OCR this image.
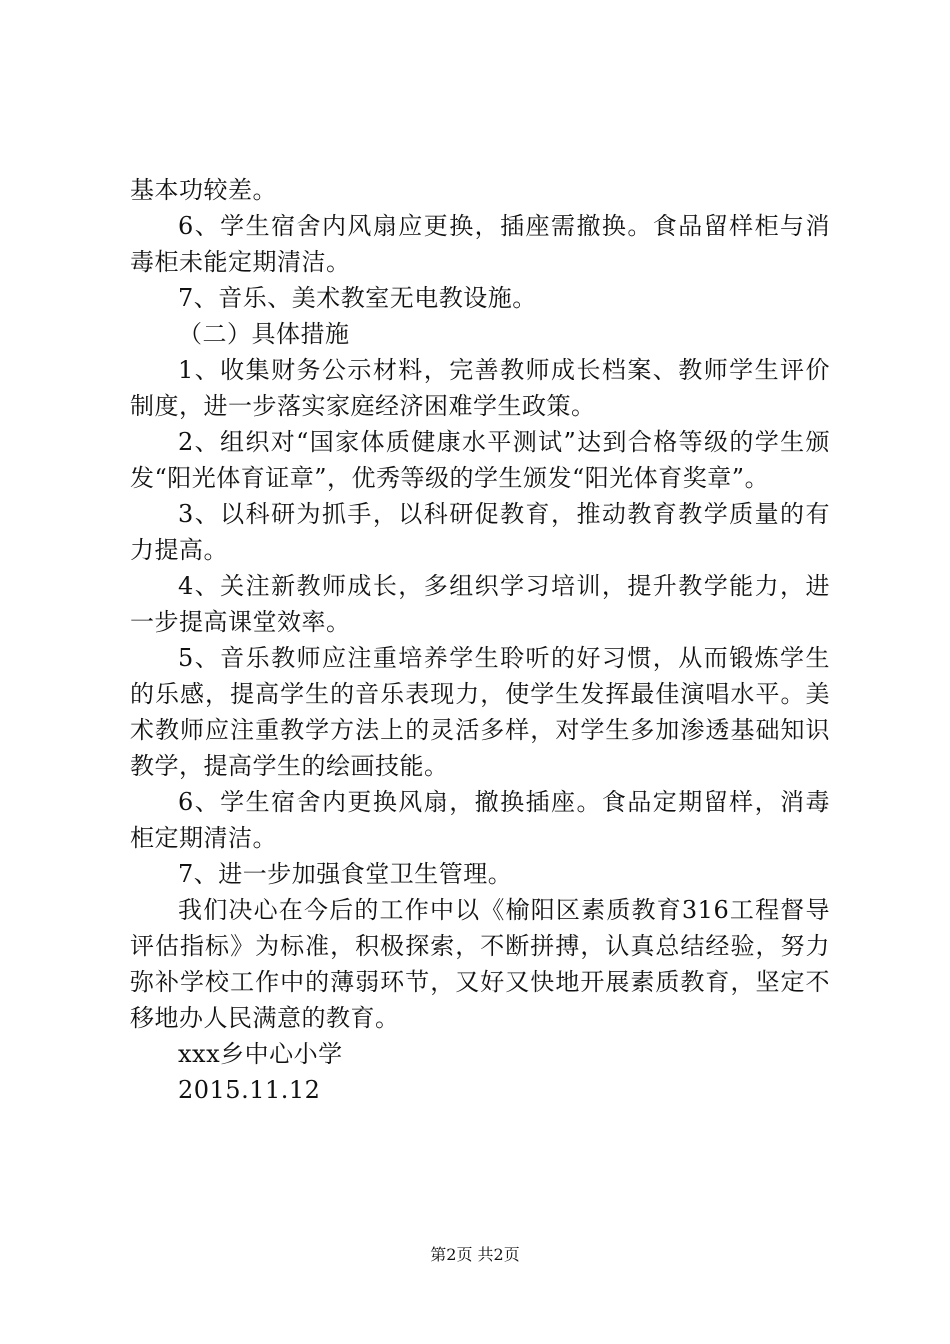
基本功较差。

6、学生宿舍内风扇应更换，插座需撤换。食品留样柜与消毒柜未能定期清洁。

7、音乐、美术教室无电教设施。

（二）具体措施

1、收集财务公示材料，完善教师成长档案、教师学生评价制度，进一步落实家庭经济困难学生政策。

2、组织对“国家体质健康水平测试”达到合格等级的学生颁发“阳光体育证章”，优秀等级的学生颁发“阳光体育奖章”。

3、以科研为抓手，以科研促教育，推动教育教学质量的有力提高。

4、关注新教师成长，多组织学习培训，提升教学能力，进一步提高课堂效率。

5、音乐教师应注重培养学生聆听的好习惯，从而锻炼学生的乐感，提高学生的音乐表现力，使学生发挥最佳演唱水平。美术教师应注重教学方法上的灵活多样，对学生多加渗透基础知识教学，提高学生的绘画技能。

6、学生宿舍内更换风扇，撤换插座。食品定期留样，消毒柜定期清洁。

7、进一步加强食堂卫生管理。

我们决心在今后的工作中以《榆阳区素质教育316工程督导评估指标》为标准，积极探索，不断拼搏，认真总结经验，努力弥补学校工作中的薄弱环节，又好又快地开展素质教育，坚定不移地办人民满意的教育。

xxx乡中心小学

2015.11.12

第2页 共2页
